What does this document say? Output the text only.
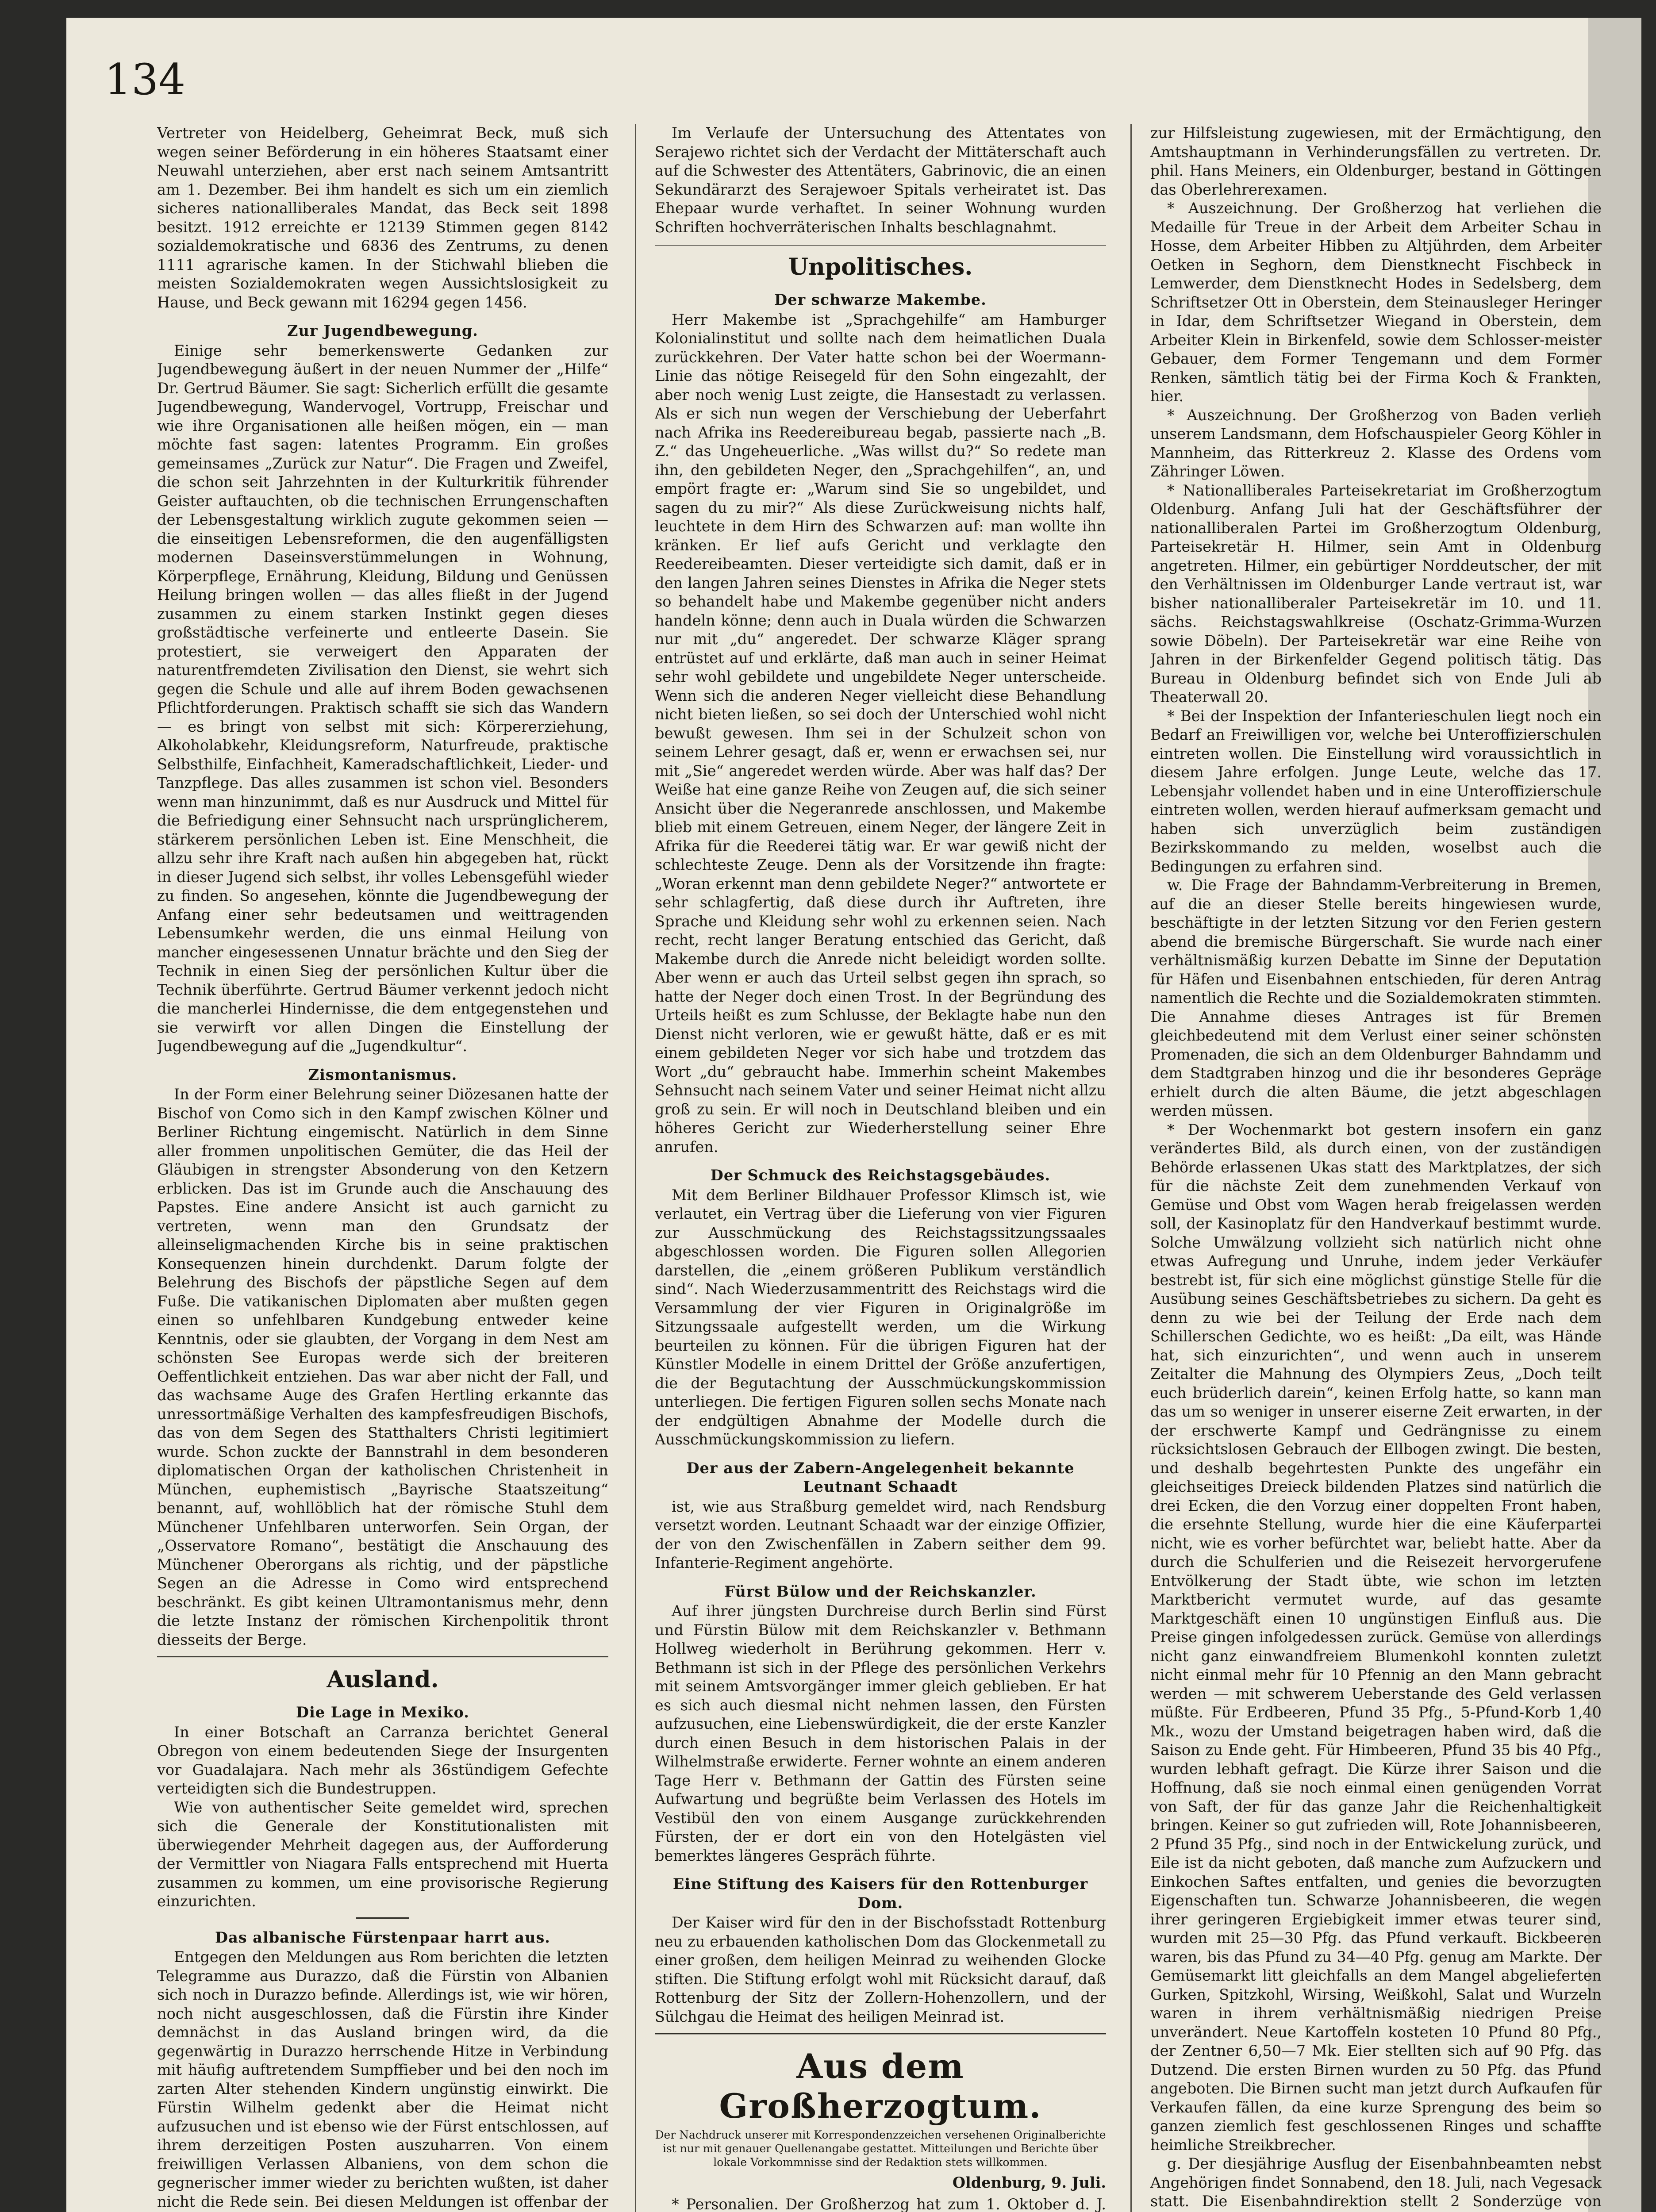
134

Vertreter von Heidelberg, Geheimrat Beck, muß sich wegen seiner Beförderung in ein höheres Staatsamt einer Neuwahl unterziehen, aber erst nach seinem Amtsantritt am 1. Dezember. Bei ihm handelt es sich um ein ziemlich sicheres nationalliberales Mandat, das Beck seit 1898 besitzt. 1912 erreichte er 12139 Stimmen gegen 8142 sozialdemokratische und 6836 des Zentrums, zu denen 1111 agrarische kamen. In der Stichwahl blieben die meisten Sozialdemokraten wegen Aussichtslosigkeit zu Hause, und Beck gewann mit 16294 gegen 1456.

Zur Jugendbewegung.

Einige sehr bemerkenswerte Gedanken zur Jugendbewegung äußert in der neuen Nummer der „Hilfe“ Dr. Gertrud Bäumer. Sie sagt: Sicherlich erfüllt die gesamte Jugendbewegung, Wandervogel, Vortrupp, Freischar und wie ihre Organisationen alle heißen mögen, ein — man möchte fast sagen: latentes Programm. Ein großes gemeinsames „Zurück zur Natur“. Die Fragen und Zweifel, die schon seit Jahrzehnten in der Kulturkritik führender Geister auftauchten, ob die technischen Errungenschaften der Lebensgestaltung wirklich zugute gekommen seien — die einseitigen Lebensreformen, die den augenfälligsten modernen Daseinsverstümmelungen in Wohnung, Körperpflege, Ernährung, Kleidung, Bildung und Genüssen Heilung bringen wollen — das alles fließt in der Jugend zusammen zu einem starken Instinkt gegen dieses großstädtische verfeinerte und entleerte Dasein. Sie protestiert, sie verweigert den Apparaten der naturentfremdeten Zivilisation den Dienst, sie wehrt sich gegen die Schule und alle auf ihrem Boden gewachsenen Pflichtforderungen. Praktisch schafft sie sich das Wandern — es bringt von selbst mit sich: Körpererziehung, Alkoholabkehr, Kleidungsreform, Naturfreude, praktische Selbsthilfe, Einfachheit, Kameradschaftlichkeit, Lieder- und Tanzpflege. Das alles zusammen ist schon viel. Besonders wenn man hinzunimmt, daß es nur Ausdruck und Mittel für die Befriedigung einer Sehnsucht nach ursprünglicherem, stärkerem persönlichen Leben ist. Eine Menschheit, die allzu sehr ihre Kraft nach außen hin abgegeben hat, rückt in dieser Jugend sich selbst, ihr volles Lebensgefühl wieder zu finden. So angesehen, könnte die Jugendbewegung der Anfang einer sehr bedeutsamen und weittragenden Lebensumkehr werden, die uns einmal Heilung von mancher eingesessenen Unnatur brächte und den Sieg der Technik in einen Sieg der persönlichen Kultur über die Technik überführte. Gertrud Bäumer verkennt jedoch nicht die mancherlei Hindernisse, die dem entgegenstehen und sie verwirft vor allen Dingen die Einstellung der Jugendbewegung auf die „Jugendkultur“.

Zismontanismus.

In der Form einer Belehrung seiner Diözesanen hatte der Bischof von Como sich in den Kampf zwischen Kölner und Berliner Richtung eingemischt. Natürlich in dem Sinne aller frommen unpolitischen Gemüter, die das Heil der Gläubigen in strengster Absonderung von den Ketzern erblicken. Das ist im Grunde auch die Anschauung des Papstes. Eine andere Ansicht ist auch garnicht zu vertreten, wenn man den Grundsatz der alleinseligmachenden Kirche bis in seine praktischen Konsequenzen hinein durchdenkt. Darum folgte der Belehrung des Bischofs der päpstliche Segen auf dem Fuße. Die vatikanischen Diplomaten aber mußten gegen einen so unfehlbaren Kundgebung entweder keine Kenntnis, oder sie glaubten, der Vorgang in dem Nest am schönsten See Europas werde sich der breiteren Oeffentlichkeit entziehen. Das war aber nicht der Fall, und das wachsame Auge des Grafen Hertling erkannte das unressortmäßige Verhalten des kampfesfreudigen Bischofs, das von dem Segen des Statthalters Christi legitimiert wurde. Schon zuckte der Bannstrahl in dem besonderen diplomatischen Organ der katholischen Christenheit in München, euphemistisch „Bayrische Staatszeitung“ benannt, auf, wohllöblich hat der römische Stuhl dem Münchener Unfehlbaren unterworfen. Sein Organ, der „Osservatore Romano“, bestätigt die Anschauung des Münchener Oberorgans als richtig, und der päpstliche Segen an die Adresse in Como wird entsprechend beschränkt. Es gibt keinen Ultramontanismus mehr, denn die letzte Instanz der römischen Kirchenpolitik thront diesseits der Berge.

Ausland.
Die Lage in Mexiko.

In einer Botschaft an Carranza berichtet General Obregon von einem bedeutenden Siege der Insurgenten vor Guadalajara. Nach mehr als 36stündigem Gefechte verteidigten sich die Bundestruppen.

Wie von authentischer Seite gemeldet wird, sprechen sich die Generale der Konstitutionalisten mit überwiegender Mehrheit dagegen aus, der Aufforderung der Vermittler von Niagara Falls entsprechend mit Huerta zusammen zu kommen, um eine provisorische Regierung einzurichten.

Das albanische Fürstenpaar harrt aus.

Entgegen den Meldungen aus Rom berichten die letzten Telegramme aus Durazzo, daß die Fürstin von Albanien sich noch in Durazzo befinde. Allerdings ist, wie wir hören, noch nicht ausgeschlossen, daß die Fürstin ihre Kinder demnächst in das Ausland bringen wird, da die gegenwärtig in Durazzo herrschende Hitze in Verbindung mit häufig auftretendem Sumpffieber und bei den noch im zarten Alter stehenden Kindern ungünstig einwirkt. Die Fürstin Wilhelm gedenkt aber die Heimat nicht aufzusuchen und ist ebenso wie der Fürst entschlossen, auf ihrem derzeitigen Posten auszuharren. Von einem freiwilligen Verlassen Albaniens, von dem schon die gegnerischer immer wieder zu berichten wußten, ist daher nicht die Rede sein. Bei diesen Meldungen ist offenbar der

Im Verlaufe der Untersuchung des Attentates von Serajewo richtet sich der Verdacht der Mittäterschaft auch auf die Schwester des Attentäters, Gabrinovic, die an einen Sekundärarzt des Serajewoer Spitals verheiratet ist. Das Ehepaar wurde verhaftet. In seiner Wohnung wurden Schriften hochverräterischen Inhalts beschlagnahmt.

Unpolitisches.
Der schwarze Makembe.

Herr Makembe ist „Sprachgehilfe“ am Hamburger Kolonialinstitut und sollte nach dem heimatlichen Duala zurückkehren. Der Vater hatte schon bei der Woermann-Linie das nötige Reisegeld für den Sohn eingezahlt, der aber noch wenig Lust zeigte, die Hansestadt zu verlassen. Als er sich nun wegen der Verschiebung der Ueberfahrt nach Afrika ins Reedereibureau begab, passierte nach „B. Z.“ das Ungeheuerliche. „Was willst du?“ So redete man ihn, den gebildeten Neger, den „Sprachgehilfen“, an, und empört fragte er: „Warum sind Sie so ungebildet, und sagen du zu mir?“ Als diese Zurückweisung nichts half, leuchtete in dem Hirn des Schwarzen auf: man wollte ihn kränken. Er lief aufs Gericht und verklagte den Reedereibeamten. Dieser verteidigte sich damit, daß er in den langen Jahren seines Dienstes in Afrika die Neger stets so behandelt habe und Makembe gegenüber nicht anders handeln könne; denn auch in Duala würden die Schwarzen nur mit „du“ angeredet. Der schwarze Kläger sprang entrüstet auf und erklärte, daß man auch in seiner Heimat sehr wohl gebildete und ungebildete Neger unterscheide. Wenn sich die anderen Neger vielleicht diese Behandlung nicht bieten ließen, so sei doch der Unterschied wohl nicht bewußt gewesen. Ihm sei in der Schulzeit schon von seinem Lehrer gesagt, daß er, wenn er erwachsen sei, nur mit „Sie“ angeredet werden würde. Aber was half das? Der Weiße hat eine ganze Reihe von Zeugen auf, die sich seiner Ansicht über die Negeranrede anschlossen, und Makembe blieb mit einem Getreuen, einem Neger, der längere Zeit in Afrika für die Reederei tätig war. Er war gewiß nicht der schlechteste Zeuge. Denn als der Vorsitzende ihn fragte: „Woran erkennt man denn gebildete Neger?“ antwortete er sehr schlagfertig, daß diese durch ihr Auftreten, ihre Sprache und Kleidung sehr wohl zu erkennen seien. Nach recht, recht langer Beratung entschied das Gericht, daß Makembe durch die Anrede nicht beleidigt worden sollte. Aber wenn er auch das Urteil selbst gegen ihn sprach, so hatte der Neger doch einen Trost. In der Begründung des Urteils heißt es zum Schlusse, der Beklagte habe nun den Dienst nicht verloren, wie er gewußt hätte, daß er es mit einem gebildeten Neger vor sich habe und trotzdem das Wort „du“ gebraucht habe. Immerhin scheint Makembes Sehnsucht nach seinem Vater und seiner Heimat nicht allzu groß zu sein. Er will noch in Deutschland bleiben und ein höheres Gericht zur Wiederherstellung seiner Ehre anrufen.

Der Schmuck des Reichstagsgebäudes.

Mit dem Berliner Bildhauer Professor Klimsch ist, wie verlautet, ein Vertrag über die Lieferung von vier Figuren zur Ausschmückung des Reichstagssitzungssaales abgeschlossen worden. Die Figuren sollen Allegorien darstellen, die „einem größeren Publikum verständlich sind“. Nach Wiederzusammentritt des Reichstags wird die Versammlung der vier Figuren in Originalgröße im Sitzungssaale aufgestellt werden, um die Wirkung beurteilen zu können. Für die übrigen Figuren hat der Künstler Modelle in einem Drittel der Größe anzufertigen, die der Begutachtung der Ausschmückungskommission unterliegen. Die fertigen Figuren sollen sechs Monate nach der endgültigen Abnahme der Modelle durch die Ausschmückungskommission zu liefern.

Der aus der Zabern-Angelegenheit bekannte Leutnant Schaadt

ist, wie aus Straßburg gemeldet wird, nach Rendsburg versetzt worden. Leutnant Schaadt war der einzige Offizier, der von den Zwischenfällen in Zabern seither dem 99. Infanterie-Regiment angehörte.

Fürst Bülow und der Reichskanzler.

Auf ihrer jüngsten Durchreise durch Berlin sind Fürst und Fürstin Bülow mit dem Reichskanzler v. Bethmann Hollweg wiederholt in Berührung gekommen. Herr v. Bethmann ist sich in der Pflege des persönlichen Verkehrs mit seinem Amtsvorgänger immer gleich geblieben. Er hat es sich auch diesmal nicht nehmen lassen, den Fürsten aufzusuchen, eine Liebenswürdigkeit, die der erste Kanzler durch einen Besuch in dem historischen Palais in der Wilhelmstraße erwiderte. Ferner wohnte an einem anderen Tage Herr v. Bethmann der Gattin des Fürsten seine Aufwartung und begrüßte beim Verlassen des Hotels im Vestibül den von einem Ausgange zurückkehrenden Fürsten, der er dort ein von den Hotelgästen viel bemerktes längeres Gespräch führte.

Eine Stiftung des Kaisers für den Rottenburger Dom.

Der Kaiser wird für den in der Bischofsstadt Rottenburg neu zu erbauenden katholischen Dom das Glockenmetall zu einer großen, dem heiligen Meinrad zu weihenden Glocke stiften. Die Stiftung erfolgt wohl mit Rücksicht darauf, daß Rottenburg der Sitz der Zollern-Hohenzollern, und der Sülchgau die Heimat des heiligen Meinrad ist.

Aus dem Großherzogtum.
Der Nachdruck unserer mit Korrespondenzzeichen versehenen Originalberichte ist nur mit genauer Quellenangabe gestattet. Mitteilungen und Berichte über lokale Vorkommnisse sind der Redaktion stets willkommen.
Oldenburg, 9. Juli.

* Personalien. Der Großherzog hat zum 1. Oktober d. J.

zur Hilfsleistung zugewiesen, mit der Ermächtigung, den Amtshauptmann in Verhinderungsfällen zu vertreten. Dr. phil. Hans Meiners, ein Oldenburger, bestand in Göttingen das Oberlehrerexamen.

* Auszeichnung. Der Großherzog hat verliehen die Medaille für Treue in der Arbeit dem Arbeiter Schau in Hosse, dem Arbeiter Hibben zu Altjührden, dem Arbeiter Oetken in Seghorn, dem Dienstknecht Fischbeck in Lemwerder, dem Dienstknecht Hodes in Sedelsberg, dem Schriftsetzer Ott in Oberstein, dem Steinausleger Heringer in Idar, dem Schriftsetzer Wiegand in Oberstein, dem Arbeiter Klein in Birkenfeld, sowie dem Schlosser-meister Gebauer, dem Former Tengemann und dem Former Renken, sämtlich tätig bei der Firma Koch & Frankten, hier.

* Auszeichnung. Der Großherzog von Baden verlieh unserem Landsmann, dem Hofschauspieler Georg Köhler in Mannheim, das Ritterkreuz 2. Klasse des Ordens vom Zähringer Löwen.

* Nationalliberales Parteisekretariat im Großherzogtum Oldenburg. Anfang Juli hat der Geschäftsführer der nationalliberalen Partei im Großherzogtum Oldenburg, Parteisekretär H. Hilmer, sein Amt in Oldenburg angetreten. Hilmer, ein gebürtiger Norddeutscher, der mit den Verhältnissen im Oldenburger Lande vertraut ist, war bisher nationalliberaler Parteisekretär im 10. und 11. sächs. Reichstagswahlkreise (Oschatz-Grimma-Wurzen sowie Döbeln). Der Parteisekretär war eine Reihe von Jahren in der Birkenfelder Gegend politisch tätig. Das Bureau in Oldenburg befindet sich von Ende Juli ab Theaterwall 20.

* Bei der Inspektion der Infanterieschulen liegt noch ein Bedarf an Freiwilligen vor, welche bei Unteroffizierschulen eintreten wollen. Die Einstellung wird voraussichtlich in diesem Jahre erfolgen. Junge Leute, welche das 17. Lebensjahr vollendet haben und in eine Unteroffizierschule eintreten wollen, werden hierauf aufmerksam gemacht und haben sich unverzüglich beim zuständigen Bezirkskommando zu melden, woselbst auch die Bedingungen zu erfahren sind.

w. Die Frage der Bahndamm-Verbreiterung in Bremen, auf die an dieser Stelle bereits hingewiesen wurde, beschäftigte in der letzten Sitzung vor den Ferien gestern abend die bremische Bürgerschaft. Sie wurde nach einer verhältnismäßig kurzen Debatte im Sinne der Deputation für Häfen und Eisenbahnen entschieden, für deren Antrag namentlich die Rechte und die Sozialdemokraten stimmten. Die Annahme dieses Antrages ist für Bremen gleichbedeutend mit dem Verlust einer seiner schönsten Promenaden, die sich an dem Oldenburger Bahndamm und dem Stadtgraben hinzog und die ihr besonderes Gepräge erhielt durch die alten Bäume, die jetzt abgeschlagen werden müssen.

* Der Wochenmarkt bot gestern insofern ein ganz verändertes Bild, als durch einen, von der zuständigen Behörde erlassenen Ukas statt des Marktplatzes, der sich für die nächste Zeit dem zunehmenden Verkauf von Gemüse und Obst vom Wagen herab freigelassen werden soll, der Kasinoplatz für den Handverkauf bestimmt wurde. Solche Umwälzung vollzieht sich natürlich nicht ohne etwas Aufregung und Unruhe, indem jeder Verkäufer bestrebt ist, für sich eine möglichst günstige Stelle für die Ausübung seines Geschäftsbetriebes zu sichern. Da geht es denn zu wie bei der Teilung der Erde nach dem Schillerschen Gedichte, wo es heißt: „Da eilt, was Hände hat, sich einzurichten“, und wenn auch in unserem Zeitalter die Mahnung des Olympiers Zeus, „Doch teilt euch brüderlich darein“, keinen Erfolg hatte, so kann man das um so weniger in unserer eiserne Zeit erwarten, in der der erschwerte Kampf und Gedrängnisse zu einem rücksichtslosen Gebrauch der Ellbogen zwingt. Die besten, und deshalb begehrtesten Punkte des ungefähr ein gleichseitiges Dreieck bildenden Platzes sind natürlich die drei Ecken, die den Vorzug einer doppelten Front haben, die ersehnte Stellung, wurde hier die eine Käuferpartei nicht, wie es vorher befürchtet war, beliebt hatte. Aber da durch die Schulferien und die Reisezeit hervorgerufene Entvölkerung der Stadt übte, wie schon im letzten Marktbericht vermutet wurde, auf das gesamte Marktgeschäft einen 10 ungünstigen Einfluß aus. Die Preise gingen infolgedessen zurück. Gemüse von allerdings nicht ganz einwandfreiem Blumenkohl konnten zuletzt nicht einmal mehr für 10 Pfennig an den Mann gebracht werden — mit schwerem Ueberstande des Geld verlassen müßte. Für Erdbeeren, Pfund 35 Pfg., 5-Pfund-Korb 1,40 Mk., wozu der Umstand beigetragen haben wird, daß die Saison zu Ende geht. Für Himbeeren, Pfund 35 bis 40 Pfg., wurden lebhaft gefragt. Die Kürze ihrer Saison und die Hoffnung, daß sie noch einmal einen genügenden Vorrat von Saft, der für das ganze Jahr die Reichenhaltigkeit bringen. Keiner so gut zufrieden will, Rote Johannisbeeren, 2 Pfund 35 Pfg., sind noch in der Entwickelung zurück, und Eile ist da nicht geboten, daß manche zum Aufzuckern und Einkochen Saftes entfalten, und genies die bevorzugten Eigenschaften tun. Schwarze Johannisbeeren, die wegen ihrer geringeren Ergiebigkeit immer etwas teurer sind, wurden mit 25—30 Pfg. das Pfund verkauft. Bickbeeren waren, bis das Pfund zu 34—40 Pfg. genug am Markte. Der Gemüsemarkt litt gleichfalls an dem Mangel abgelieferten Gurken, Spitzkohl, Wirsing, Weißkohl, Salat und Wurzeln waren in ihrem verhältnismäßig niedrigen Preise unverändert. Neue Kartoffeln kosteten 10 Pfund 80 Pfg., der Zentner 6,50—7 Mk. Eier stellten sich auf 90 Pfg. das Dutzend. Die ersten Birnen wurden zu 50 Pfg. das Pfund angeboten. Die Birnen sucht man jetzt durch Aufkaufen für Verkaufen fällen, da eine kurze Sprengung des beim so ganzen ziemlich fest geschlossenen Ringes und schaffte heimliche Streikbrecher.

g. Der diesjährige Ausflug der Eisenbahnbeamten nebst Angehörigen findet Sonnabend, den 18. Juli, nach Vegesack statt. Die Eisenbahndirektion stellt 2 Sonderzüge von
